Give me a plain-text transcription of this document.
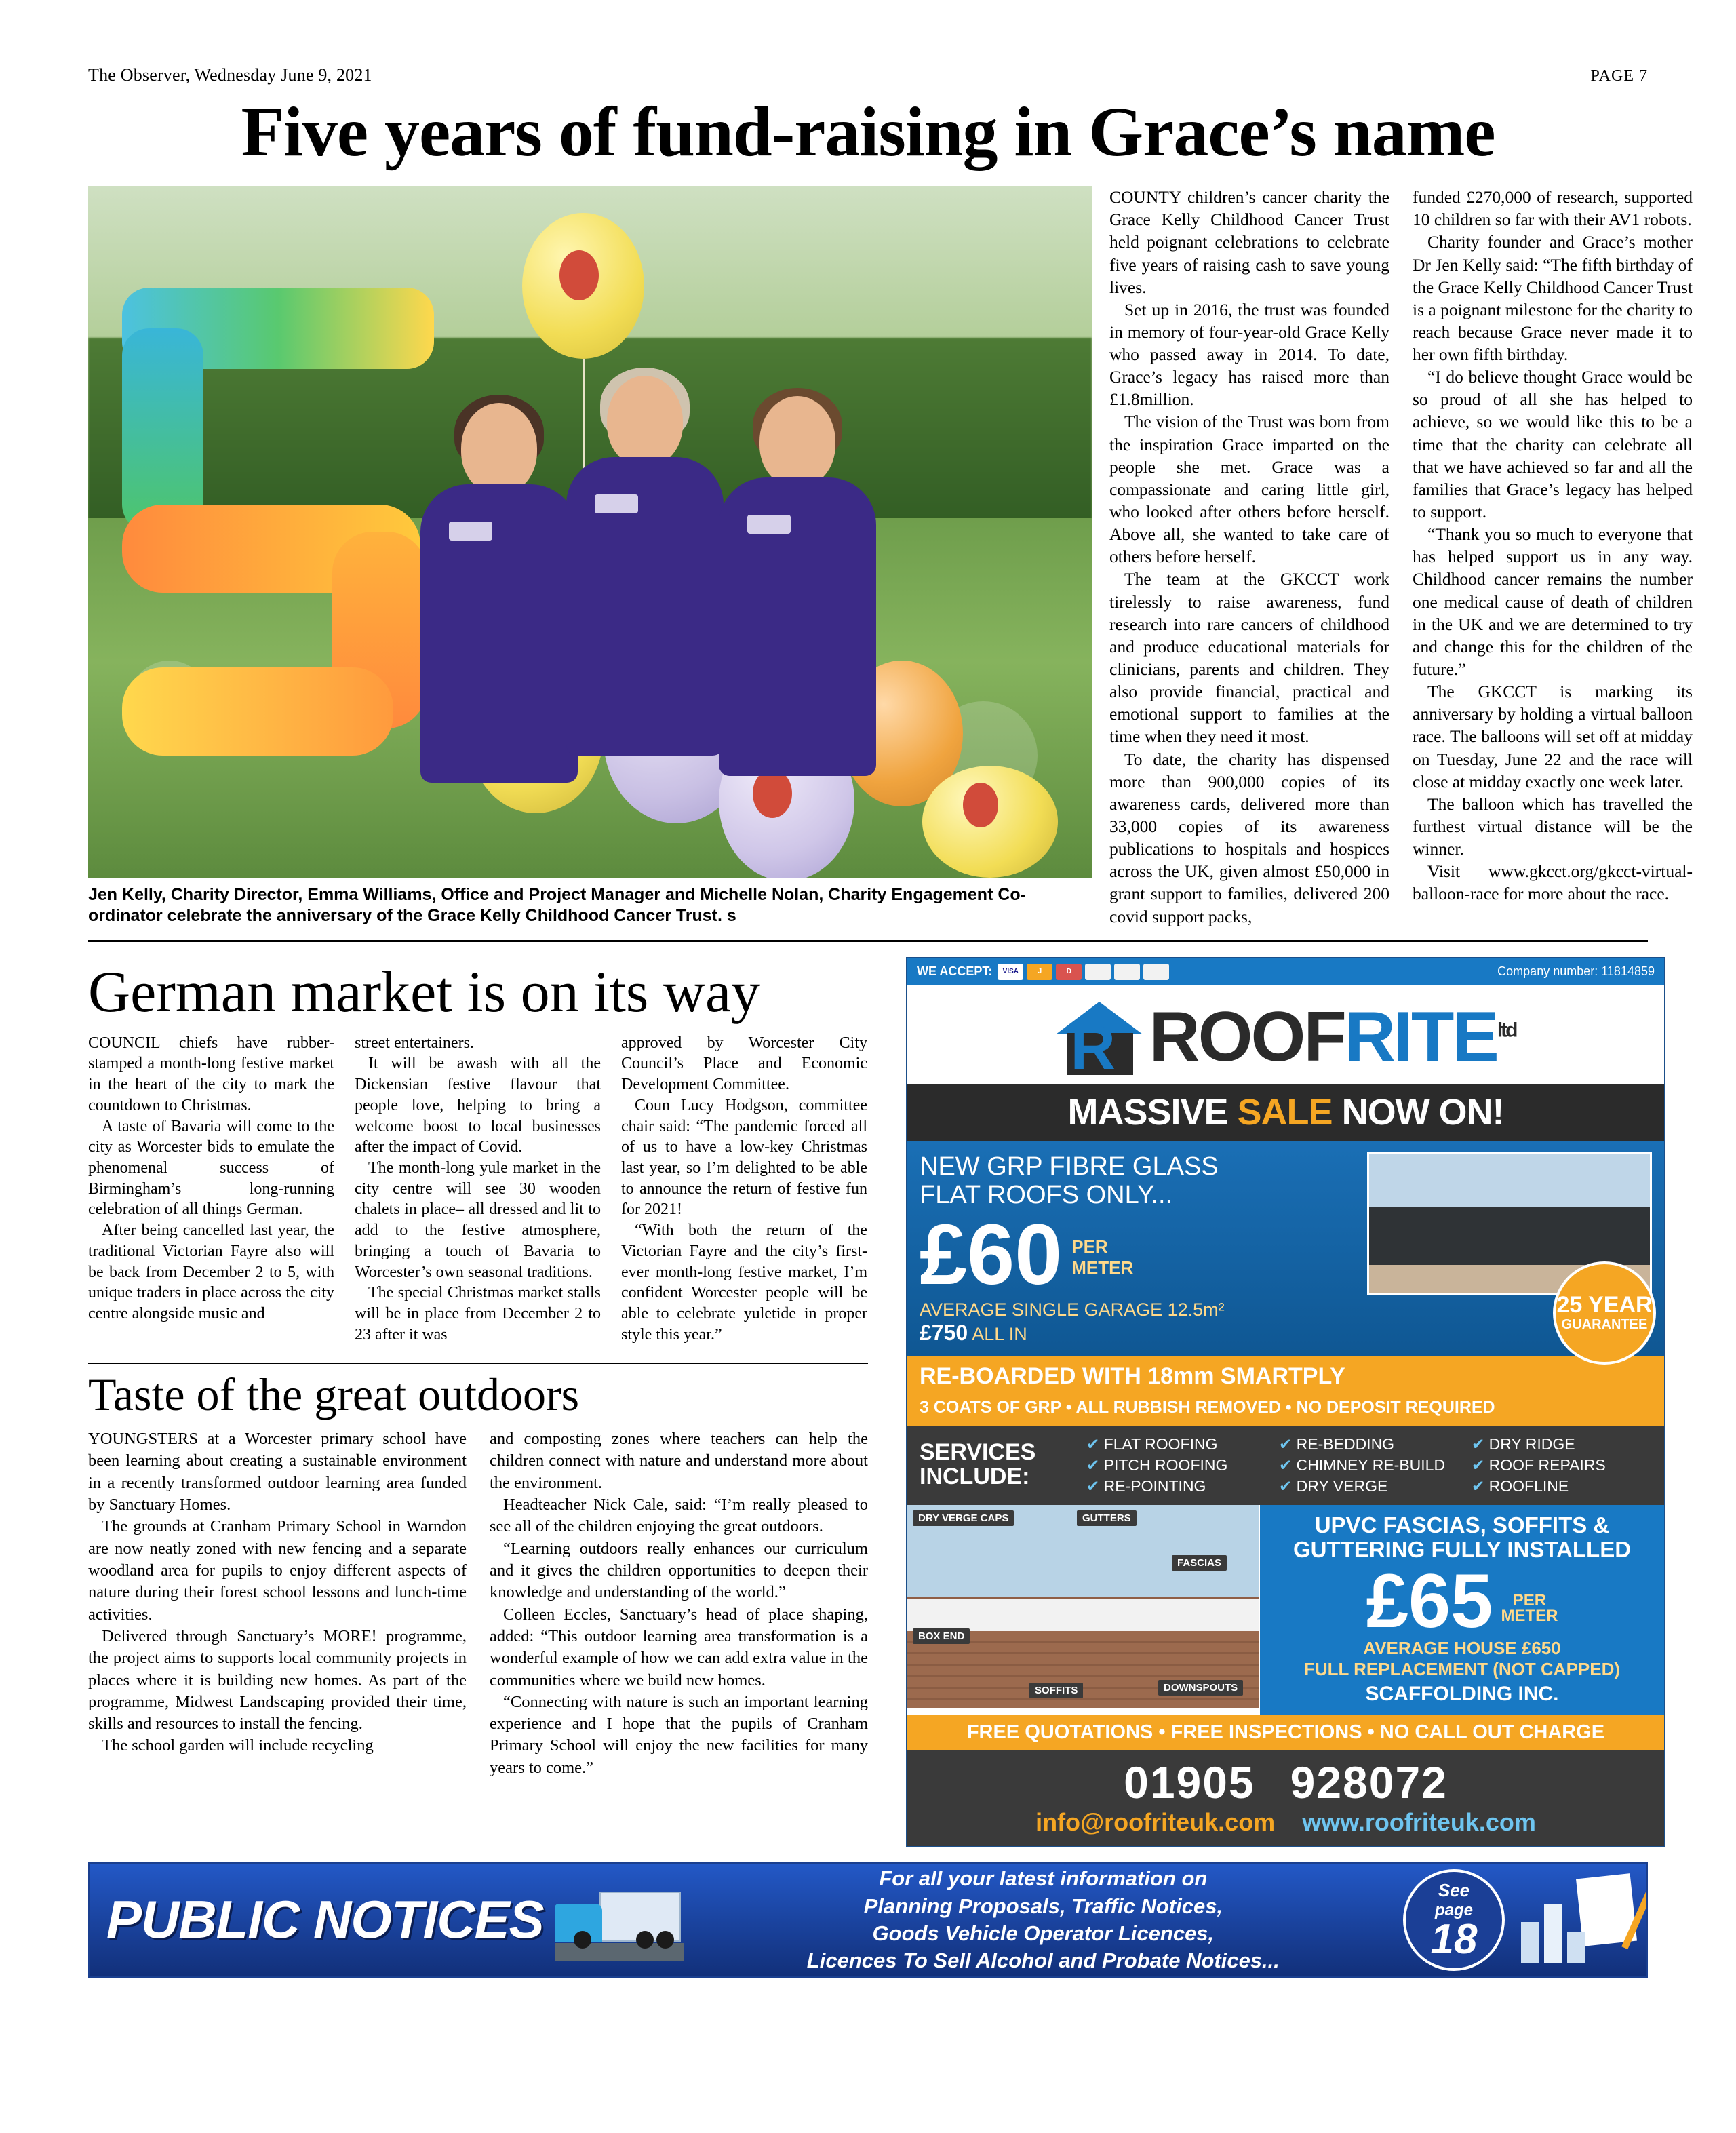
The Observer, Wednesday June 9, 2021	PAGE 7
Five years of fund-raising in Grace’s name
Jen Kelly, Charity Director, Emma Williams, Office and Project Manager and Michelle Nolan, Charity Engagement Co-ordinator celebrate the anniversary of the Grace Kelly Childhood Cancer Trust. s

COUNTY children’s cancer charity the Grace Kelly Childhood Cancer Trust held poignant celebrations to celebrate five years of raising cash to save young lives.

Set up in 2016, the trust was founded in memory of four-year-old Grace Kelly who passed away in 2014. To date, Grace’s legacy has raised more than £1.8million.

The vision of the Trust was born from the inspiration Grace imparted on the people she met. Grace was a compassionate and caring little girl, who looked after others before herself. Above all, she wanted to take care of others before herself.

The team at the GKCCT work tirelessly to raise awareness, fund research into rare cancers of childhood and produce educational materials for clinicians, parents and children. They also provide financial, practical and emotional support to families at the time when they need it most.

To date, the charity has dispensed more than 900,000 copies of its awareness cards, delivered more than 33,000 copies of its awareness publications to hospitals and hospices across the UK, given almost £50,000 in grant support to families, delivered 200 covid support packs,

funded £270,000 of research, supported 10 children so far with their AV1 robots.

Charity founder and Grace’s mother Dr Jen Kelly said: “The fifth birthday of the Grace Kelly Childhood Cancer Trust is a poignant milestone for the charity to reach because Grace never made it to her own fifth birthday.

“I do believe thought Grace would be so proud of all she has helped to achieve, so we would like this to be a time that the charity can celebrate all that we have achieved so far and all the families that Grace’s legacy has helped to support.

“Thank you so much to everyone that has helped support us in any way. Childhood cancer remains the number one medical cause of death of children in the UK and we are determined to try and change this for the children of the future.”

The GKCCT is marking its anniversary by holding a virtual balloon race. The balloons will set off at midday on Tuesday, June 22 and the race will close at midday exactly one week later.

The balloon which has travelled the furthest virtual distance will be the winner.

Visit www.gkcct.org/gkcct-virtual-balloon-race for more about the race.

German market is on its way

COUNCIL chiefs have rubber-stamped a month-long festive market in the heart of the city to mark the countdown to Christmas.

A taste of Bavaria will come to the city as Worcester bids to emulate the phenomenal success of Birmingham’s long-running celebration of all things German.

After being cancelled last year, the traditional Victorian Fayre also will be back from December 2 to 5, with unique traders in place across the city centre alongside music and

street entertainers.

It will be awash with all the Dickensian festive flavour that people love, helping to bring a welcome boost to local businesses after the impact of Covid.

The month-long yule market in the city centre will see 30 wooden chalets in place– all dressed and lit to add to the festive atmosphere, bringing a touch of Bavaria to Worcester’s own seasonal traditions.

The special Christmas market stalls will be in place from December 2 to 23 after it was

approved by Worcester City Council’s Place and Economic Development Committee.

Coun Lucy Hodgson, committee chair said: “The pandemic forced all of us to have a low-key Christmas last year, so I’m delighted to be able to announce the return of festive fun for 2021!

“With both the return of the Victorian Fayre and the city’s first-ever month-long festive market, I’m confident Worcester people will be able to celebrate yuletide in proper style this year.”

Taste of the great outdoors

YOUNGSTERS at a Worcester primary school have been learning about creating a sustainable environment in a recently transformed outdoor learning area funded by Sanctuary Homes.

The grounds at Cranham Primary School in Warndon are now neatly zoned with new fencing and a separate woodland area for pupils to enjoy different aspects of nature during their forest school lessons and lunch-time activities.

Delivered through Sanctuary’s MORE! programme, the project aims to supports local community projects in places where it is building new homes. As part of the programme, Midwest Landscaping provided their time, skills and resources to install the fencing.

The school garden will include recycling

and composting zones where teachers can help the children connect with nature and understand more about the environment.

Headteacher Nick Cale, said: “I’m really pleased to see all of the children enjoying the great outdoors.

“Learning outdoors really enhances our curriculum and it gives the children opportunities to deepen their knowledge and understanding of the world.”

Colleen Eccles, Sanctuary’s head of place shaping, added: “This outdoor learning area transformation is a wonderful example of how we can add extra value in the communities where we build new homes.

“Connecting with nature is such an important learning experience and I hope that the pupils of Cranham Primary School will enjoy the new facilities for many years to come.”

WE ACCEPT:	VISA	J	D	Company number: 11814859
R $ROOFRITE^{ltd}$
MASSIVE SALE NOW ON!
NEW GRP FIBRE GLASS
FLAT ROOFS ONLY...
£60 PER
METER
AVERAGE SINGLE GARAGE 12.5m²
£750 ALL IN
25 YEAR
GUARANTEE
RE-BOARDED WITH 18mm SMARTPLY
3 COATS OF GRP • ALL RUBBISH REMOVED • NO DEPOSIT REQUIRED
SERVICES
INCLUDE:
✔ FLAT ROOFING	✔ RE-BEDDING	✔ DRY RIDGE
✔ PITCH ROOFING	✔ CHIMNEY RE-BUILD	✔ ROOF REPAIRS
✔ RE-POINTING	✔ DRY VERGE	✔ ROOFLINE
DRY VERGE CAPS	GUTTERS
FASCIAS
BOX END
SOFFITS	DOWNSPOUTS
UPVC FASCIAS, SOFFITS &
GUTTERING FULLY INSTALLED
£65	PER
METER
AVERAGE HOUSE £650
FULL REPLACEMENT (NOT CAPPED)
SCAFFOLDING INC.
FREE QUOTATIONS • FREE INSPECTIONS • NO CALL OUT CHARGE
01905 928072
info@roofriteuk.com www.roofriteuk.com
PUBLIC NOTICES
For all your latest information on
Planning Proposals, Traffic Notices,
Goods Vehicle Operator Licences,
Licences To Sell Alcohol and Probate Notices...
See
page
18
